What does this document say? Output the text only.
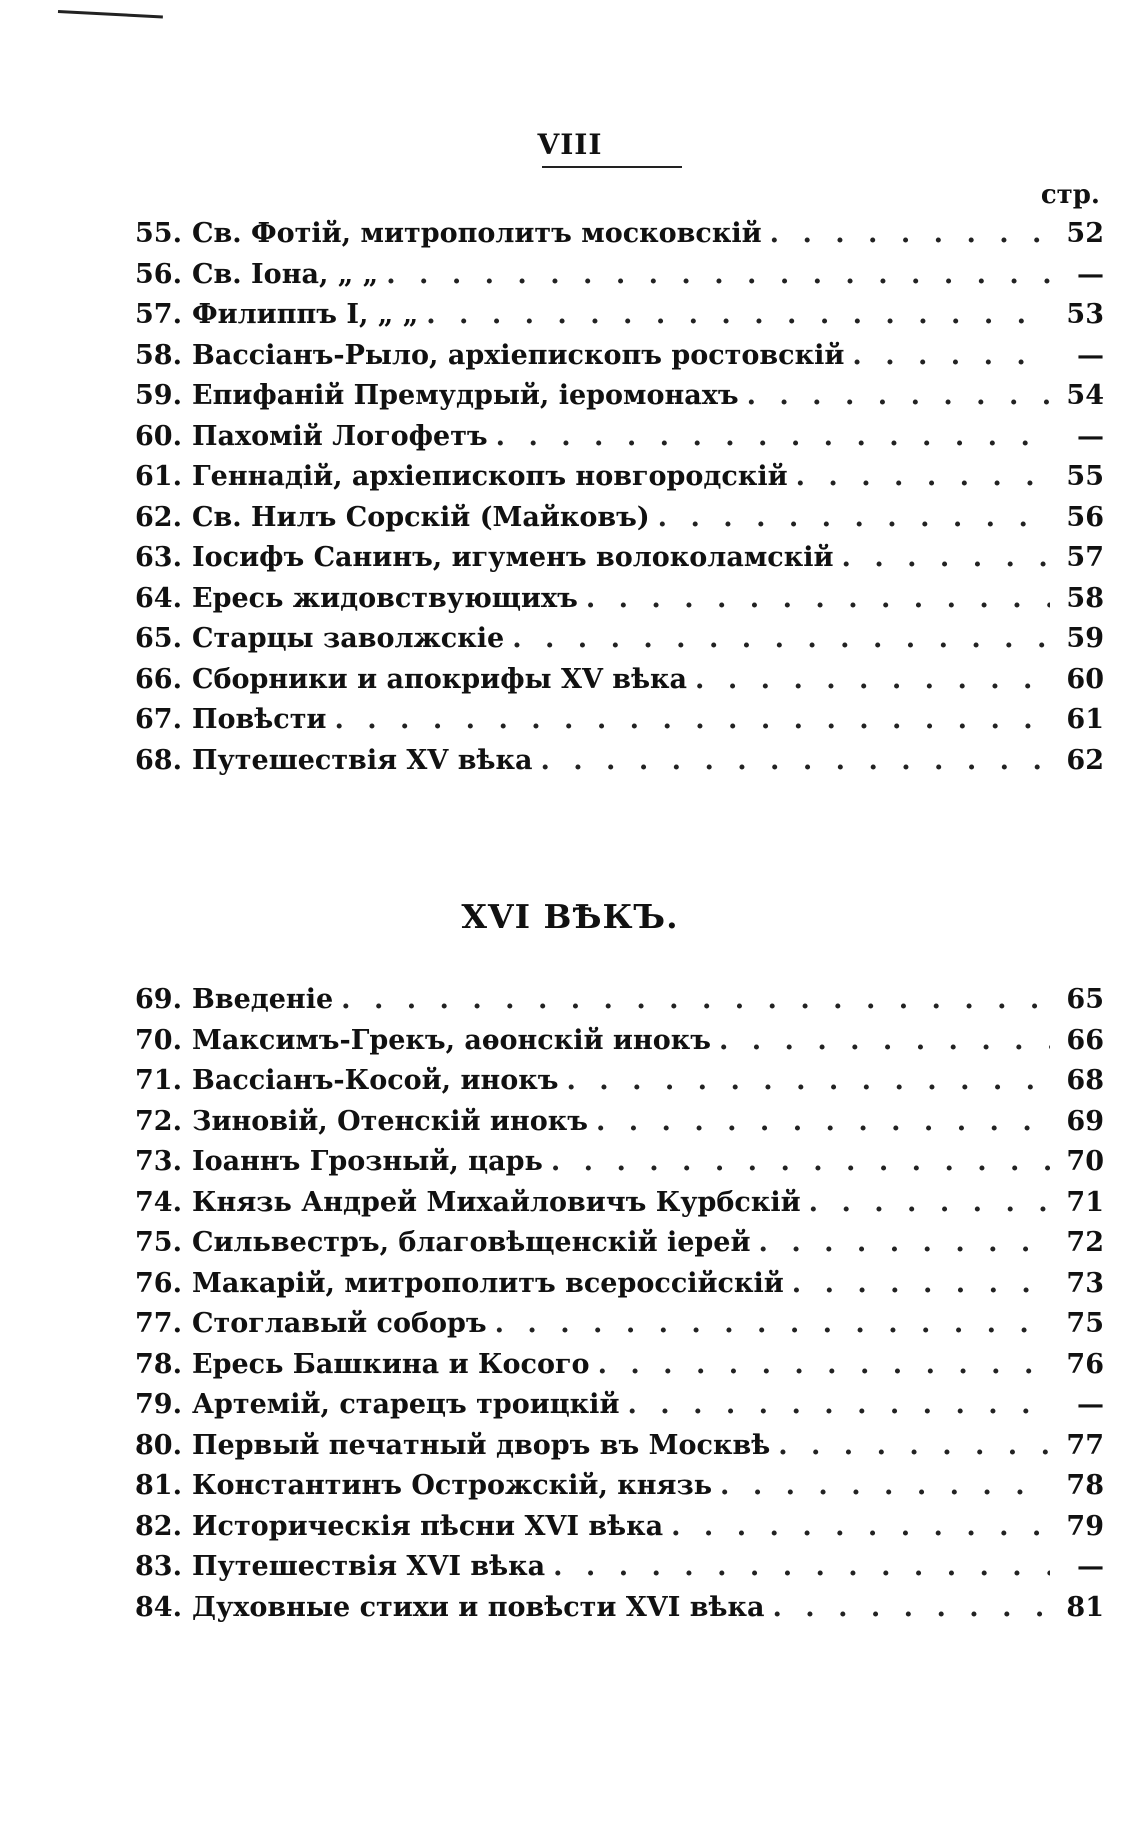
VIII
стр.
55. Св. Фотій, митрополитъ московскій . . .	52
56. Св. Іона, „ „ . . .	—
57. Филиппъ I, „ „ . . .	53
58. Вассіанъ-Рыло, архіепископъ ростовскій . . .	—
59. Епифаній Премудрый, іеромонахъ . . .	54
60. Пахомій Логофетъ . . .	—
61. Геннадій, архіепископъ новгородскій . . .	55
62. Св. Нилъ Сорскій (Майковъ) . . .	56
63. Іосифъ Санинъ, игуменъ волоколамскій . . .	57
64. Ересь жидовствующихъ . . .	58
65. Старцы заволжскіе . . .	59
66. Сборники и апокрифы XV вѣка . . .	60
67. Повѣсти . . .	61
68. Путешествія XV вѣка . . .	62
XVI ВѢКЪ.
69. Введеніе . . .	65
70. Максимъ-Грекъ, аѳонскій инокъ . . .	66
71. Вассіанъ-Косой, инокъ . . .	68
72. Зиновій, Отенскій инокъ . . .	69
73. Іоаннъ Грозный, царь . . .	70
74. Князь Андрей Михайловичъ Курбскій . . .	71
75. Сильвестръ, благовѣщенскій іерей . . .	72
76. Макарій, митрополитъ всероссійскій . . .	73
77. Стоглавый соборъ . . .	75
78. Ересь Башкина и Косого . . .	76
79. Артемій, старецъ троицкій . . .	—
80. Первый печатный дворъ въ Москвѣ . . .	77
81. Константинъ Острожскій, князь . . .	78
82. Историческія пѣсни XVI вѣка . . .	79
83. Путешествія XVI вѣка . . .	—
84. Духовные стихи и повѣсти XVI вѣка . . .	81
